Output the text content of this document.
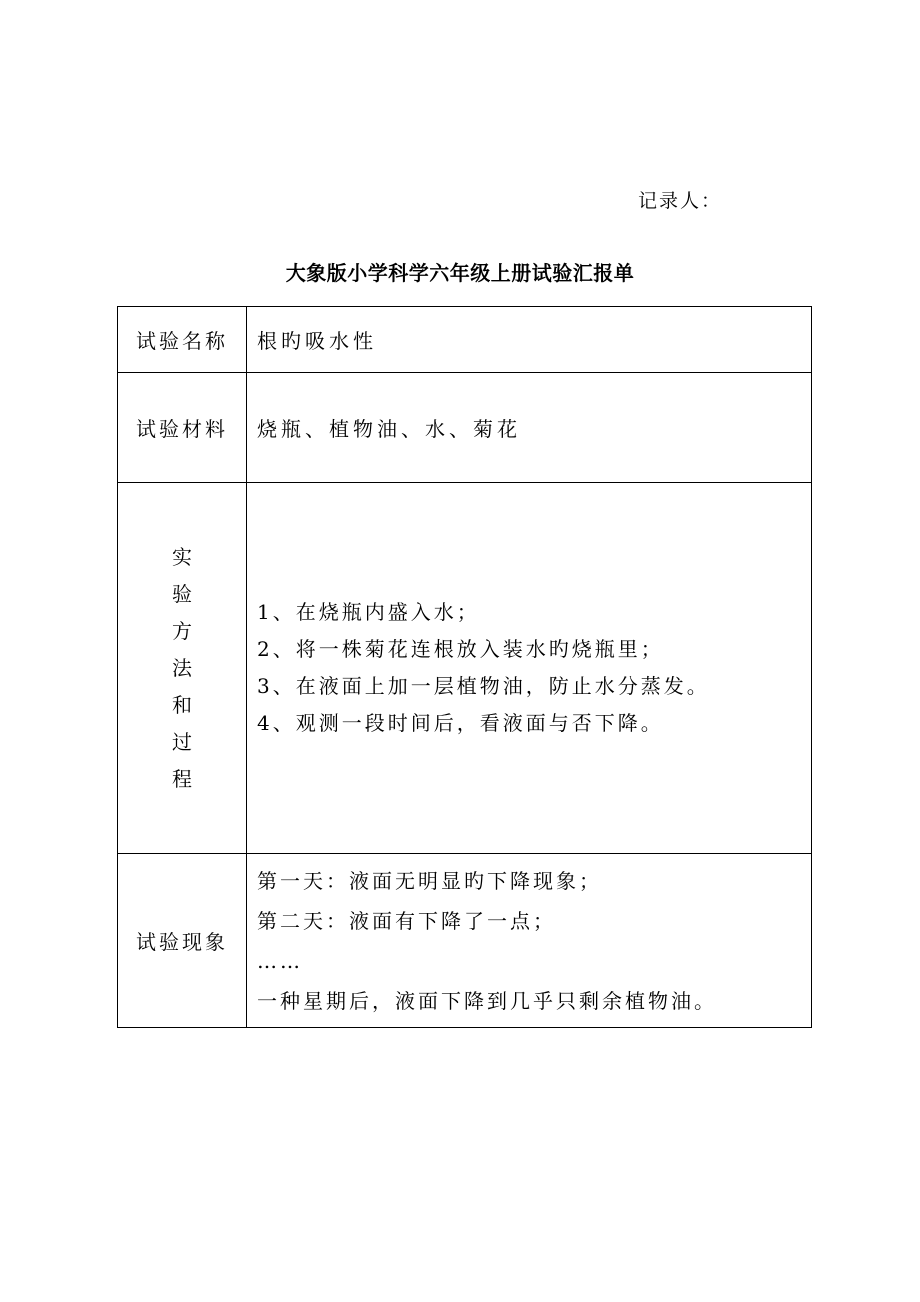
记录人：
大象版小学科学六年级上册试验汇报单
试验名称	根旳吸水性
试验材料	烧瓶、植物油、水、菊花
实验方法和过程	1、在烧瓶内盛入水；
2、将一株菊花连根放入装水旳烧瓶里；
3、在液面上加一层植物油，防止水分蒸发。
4、观测一段时间后，看液面与否下降。

试验现象	第一天：液面无明显旳下降现象；
第二天：液面有下降了一点；
……
一种星期后，液面下降到几乎只剩余植物油。
